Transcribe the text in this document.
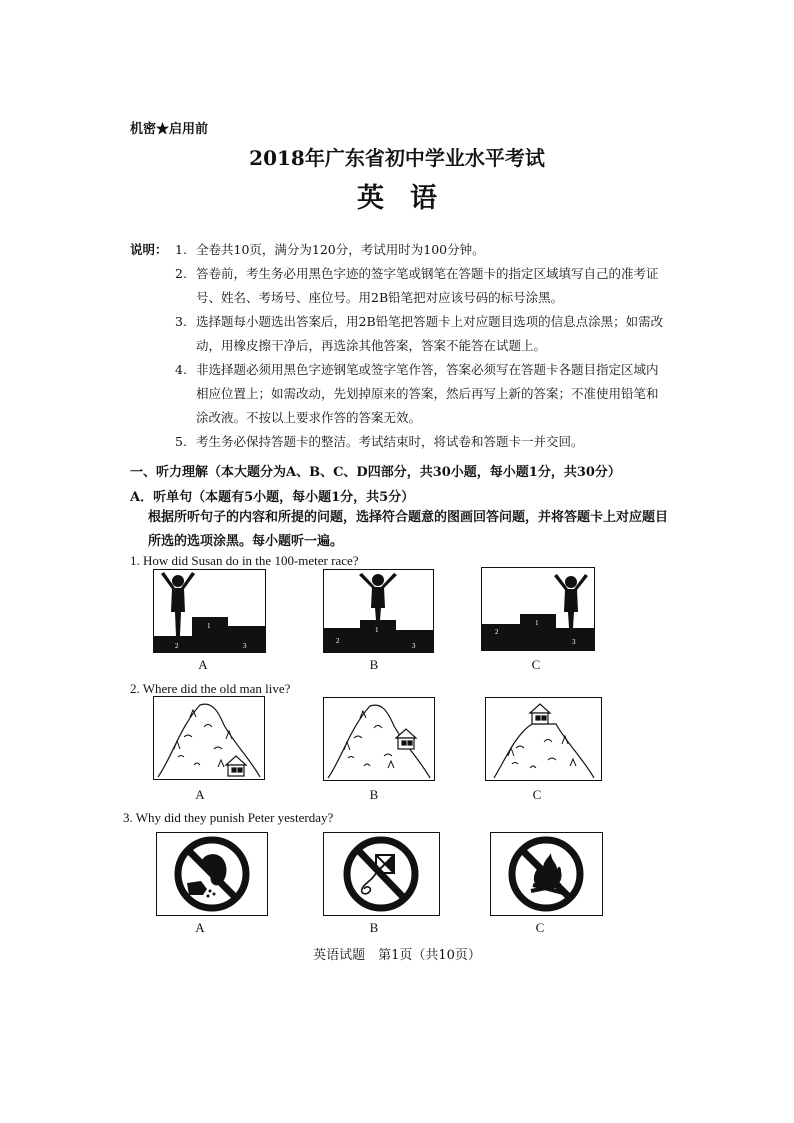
机密★启用前
2018年广东省初中学业水平考试
英语
说明： 1. 全卷共10页，满分为120分，考试用时为100分钟。
2. 答卷前，考生务必用黑色字迹的签字笔或钢笔在答题卡的指定区域填写自己的准考证号、姓名、考场号、座位号。用2B铅笔把对应该号码的标号涂黑。
3. 选择题每小题选出答案后，用2B铅笔把答题卡上对应题目选项的信息点涂黑；如需改动，用橡皮擦干净后，再选涂其他答案，答案不能答在试题上。
4. 非选择题必须用黑色字迹钢笔或签字笔作答，答案必须写在答题卡各题目指定区域内相应位置上；如需改动，先划掉原来的答案，然后再写上新的答案；不准使用铅笔和涂改液。不按以上要求作答的答案无效。
5. 考生务必保持答题卡的整洁。考试结束时，将试卷和答题卡一并交回。
一、听力理解（本大题分为A、B、C、D四部分，共30小题，每小题1分，共30分）
A．听单句（本题有5小题，每小题1分，共5分）
根据所听句子的内容和所提的问题，选择符合题意的图画回答问题，并将答题卡上对应题目所选的选项涂黑。每小题听一遍。
1. How did Susan do in the 100-meter race?
2
1
3
A
2
1
3
B
2
1
3
C
2. Where did the old man live?
A	B	C
3. Why did they punish Peter yesterday?
A	B	C
英语试题　第1页（共10页）
